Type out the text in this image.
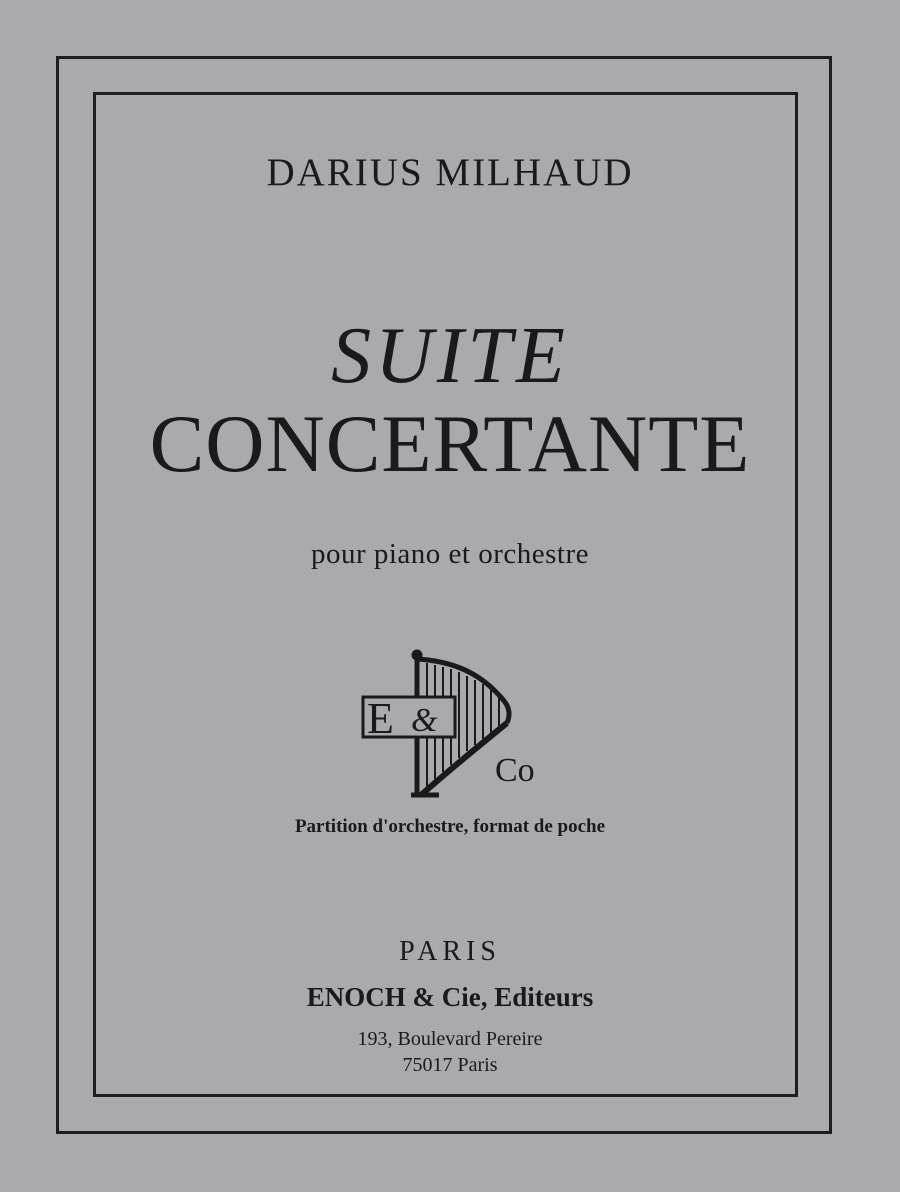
DARIUS MILHAUD
SUITE
CONCERTANTE
pour piano et orchestre
E &
Co
Partition d'orchestre, format de poche
PARIS
ENOCH & Cie, Editeurs
193, Boulevard Pereire
75017 Paris
